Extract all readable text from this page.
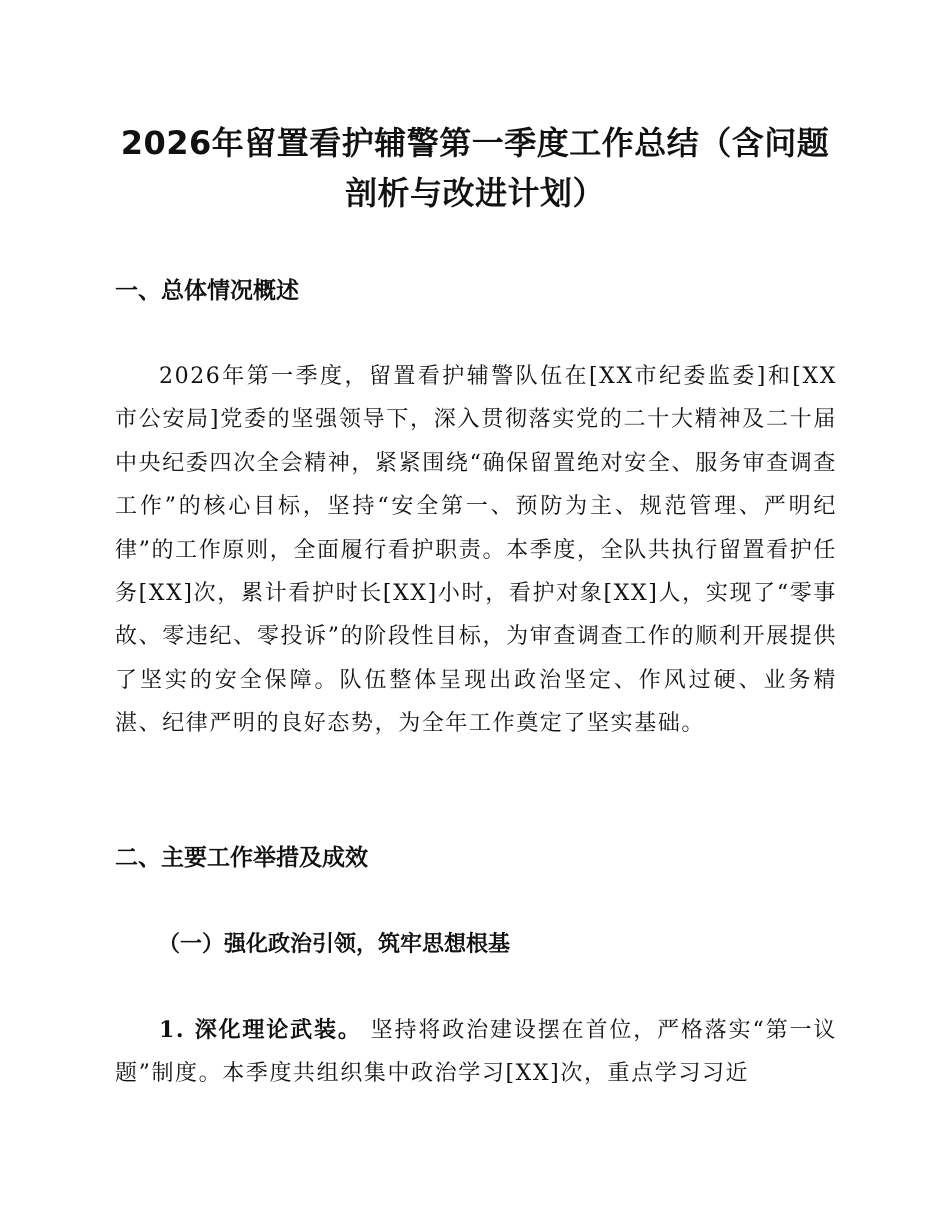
2026年留置看护辅警第一季度工作总结（含问题剖析与改进计划）
一、总体情况概述

2026年第一季度，留置看护辅警队伍在[XX市纪委监委]和[XX市公安局]党委的坚强领导下，深入贯彻落实党的二十大精神及二十届中央纪委四次全会精神，紧紧围绕“确保留置绝对安全、服务审查调查工作”的核心目标，坚持“安全第一、预防为主、规范管理、严明纪律”的工作原则，全面履行看护职责。本季度，全队共执行留置看护任务[XX]次，累计看护时长[XX]小时，看护对象[XX]人，实现了“零事故、零违纪、零投诉”的阶段性目标，为审查调查工作的顺利开展提供了坚实的安全保障。队伍整体呈现出政治坚定、作风过硬、业务精湛、纪律严明的良好态势，为全年工作奠定了坚实基础。

二、主要工作举措及成效
（一）强化政治引领，筑牢思想根基

1. 深化理论武装。 坚持将政治建设摆在首位，严格落实“第一议题”制度。本季度共组织集中政治学习[XX]次，重点学习习近
